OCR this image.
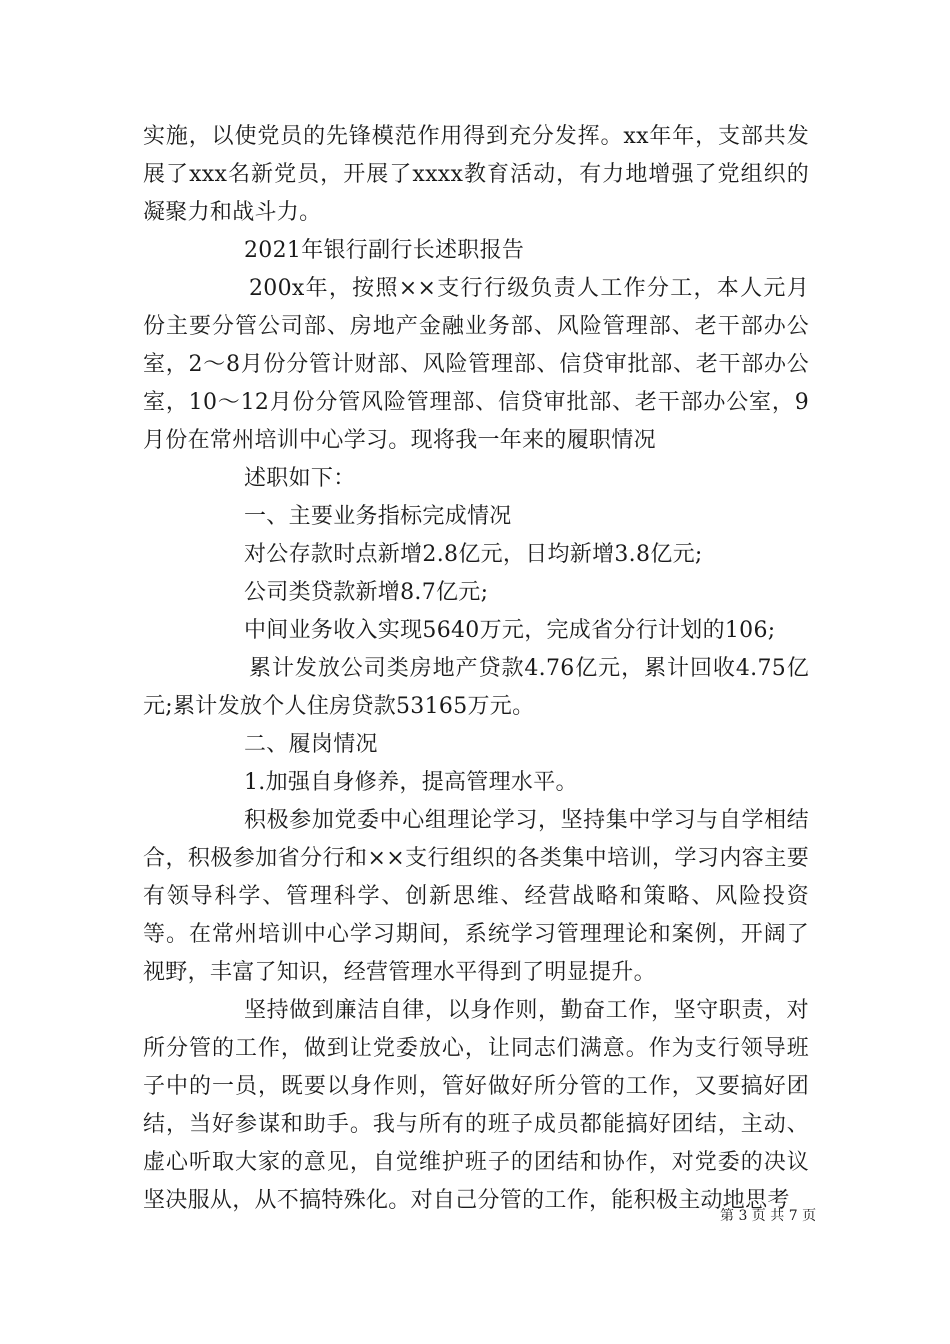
实施，以使党员的先锋模范作用得到充分发挥。xx年年，支部共发展了xxx名新党员，开展了xxxx教育活动，有力地增强了党组织的凝聚力和战斗力。

2021年银行副行长述职报告

200x年，按照××支行行级负责人工作分工，本人元月份主要分管公司部、房地产金融业务部、风险管理部、老干部办公室，2～8月份分管计财部、风险管理部、信贷审批部、老干部办公室，10～12月份分管风险管理部、信贷审批部、老干部办公室，9月份在常州培训中心学习。现将我一年来的履职情况

述职如下：

一、主要业务指标完成情况

对公存款时点新增2.8亿元，日均新增3.8亿元;

公司类贷款新增8.7亿元;

中间业务收入实现5640万元，完成省分行计划的106;

累计发放公司类房地产贷款4.76亿元，累计回收4.75亿元;累计发放个人住房贷款53165万元。

二、履岗情况

1.加强自身修养，提高管理水平。

积极参加党委中心组理论学习，坚持集中学习与自学相结合，积极参加省分行和××支行组织的各类集中培训，学习内容主要有领导科学、管理科学、创新思维、经营战略和策略、风险投资等。在常州培训中心学习期间，系统学习管理理论和案例，开阔了视野，丰富了知识，经营管理水平得到了明显提升。

坚持做到廉洁自律，以身作则，勤奋工作，坚守职责，对所分管的工作，做到让党委放心，让同志们满意。作为支行领导班子中的一员，既要以身作则，管好做好所分管的工作，又要搞好团结，当好参谋和助手。我与所有的班子成员都能搞好团结，主动、虚心听取大家的意见，自觉维护班子的团结和协作，对党委的决议坚决服从，从不搞特殊化。对自己分管的工作，能积极主动地思考

第 3 页 共 7 页
